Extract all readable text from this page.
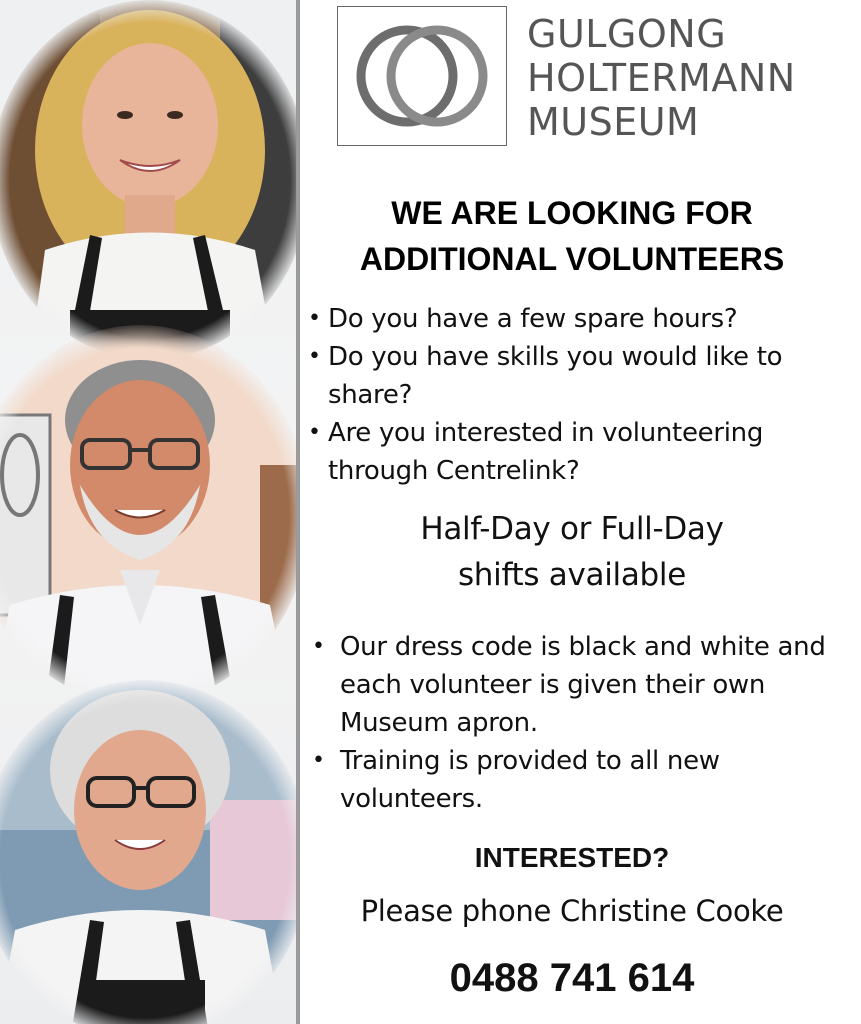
GULGONG
HOLTERMANN
MUSEUM
WE ARE LOOKING FOR
ADDITIONAL VOLUNTEERS
• Do you have a few spare hours?
• Do you have skills you would like to share?
• Are you interested in volunteering through Centrelink?
Half-Day or Full-Day
shifts available
• Our dress code is black and white and each volunteer is given their own Museum apron.
• Training is provided to all new volunteers.
INTERESTED?
Please phone Christine Cooke
0488 741 614
